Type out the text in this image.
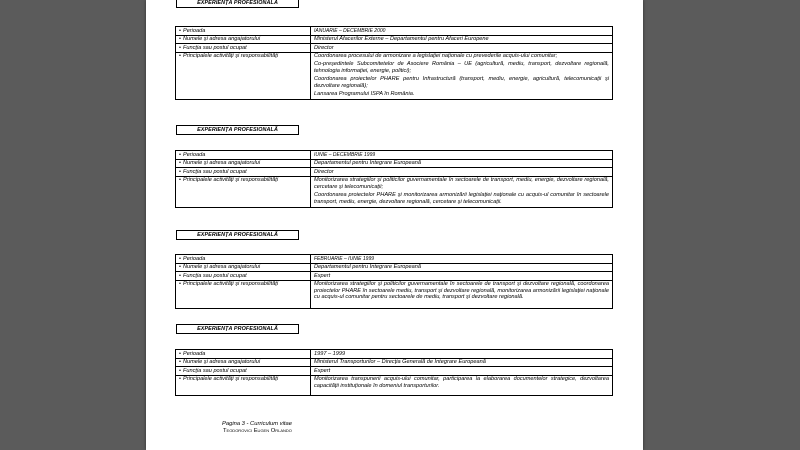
EXPERIENŢA PROFESIONALĂ
• Perioada	IANUARIE – DECEMBRIE 2000
• Numele şi adresa angajatorului	Ministerul Afacerilor Externe – Departamentul pentru Afaceri Europene
• Funcţia sau postul ocupat	Director
• Principalele activităţi şi responsabilităţi	Coordonarea procesului de armonizare a legislaţiei naţionale cu prevederile acquis-ului comunitar;

Co-preşedintele Subcomitetelor de Asociere România – UE (agricultură, mediu, transport, dezvoltare regională, tehnologia informaţiei, energie, politici);

Coordonarea proiectelor PHARE pentru Infrastructură (transport, mediu, energie, agricultură, telecomunicaţii şi dezvoltare regională);

Lansarea Programului ISPA în România.

EXPERIENŢA PROFESIONALĂ
• Perioada	IUNIE – DECEMBRIE 1999
• Numele şi adresa angajatorului	Departamentul pentru Integrare Europeană
• Funcţia sau postul ocupat	Director
• Principalele activităţi şi responsabilităţi	Monitorizarea strategiilor şi politicilor guvernamentale în sectoarele de transport, mediu, energie, dezvoltare regională, cercetare şi telecomunicaţii;

Coordonarea proiectelor PHARE şi monitorizarea armonizării legislaţiei naţionale cu acquis-ul comunitar în sectoarele transport, mediu, energie, dezvoltare regională, cercetare şi telecomunicaţii.

EXPERIENŢA PROFESIONALĂ
• Perioada	FEBRUARIE – IUNIE 1999
• Numele şi adresa angajatorului	Departamentul pentru Integrare Europeană
• Funcţia sau postul ocupat	Expert
• Principalele activităţi şi responsabilităţi	Monitorizarea strategiilor şi politicilor guvernamentale în sectoarele de transport şi dezvoltare regională, coordonarea proiectelor PHARE în sectoarele mediu, transport şi dezvoltare regională, monitorizarea armonizării legislaţiei naţionale cu acquis-ul comunitar pentru sectoarele de mediu, transport şi dezvoltare regională.

EXPERIENŢA PROFESIONALĂ
• Perioada	1997 – 1999
• Numele şi adresa angajatorului	Ministerul Transporturilor – Direcţia Generală de Integrare Europeană
• Funcţia sau postul ocupat	Expert
• Principalele activităţi şi responsabilităţi	Monitorizarea transpunerii acquis-ului comunitar, participarea la elaborarea documentelor strategice, dezvoltarea capacităţii instituţionale în domeniul transporturilor.

Pagina 3 - Curriculum vitae
Teodorovici Eugen Orlando
